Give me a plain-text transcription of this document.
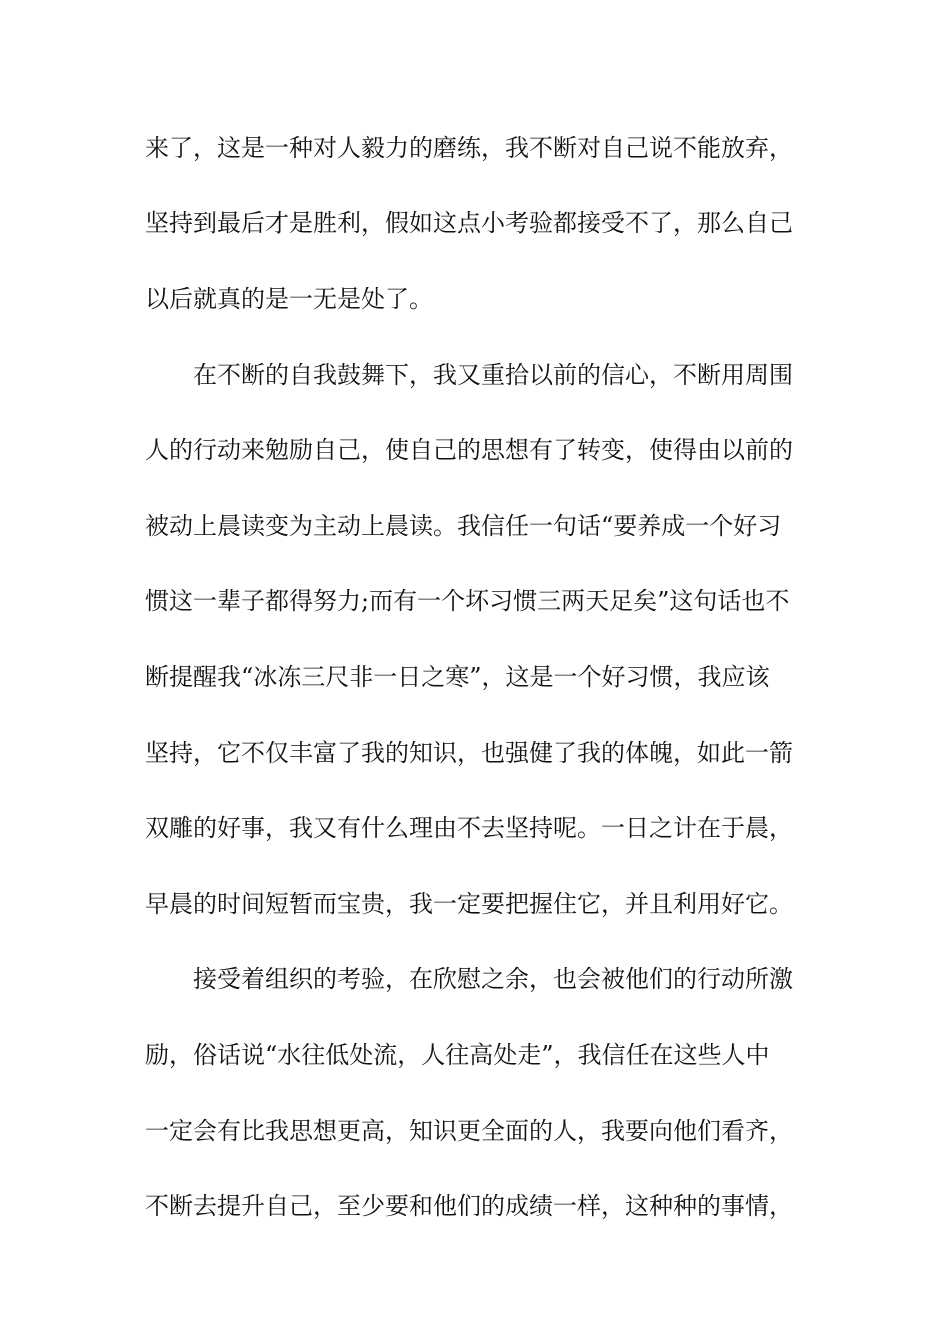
来了，这是一种对人毅力的磨练，我不断对自己说不能放弃，
坚持到最后才是胜利，假如这点小考验都接受不了，那么自己
以后就真的是一无是处了。
在不断的自我鼓舞下，我又重拾以前的信心，不断用周围
人的行动来勉励自己，使自己的思想有了转变，使得由以前的
被动上晨读变为主动上晨读。我信任一句话“要养成一个好习
惯这一辈子都得努力;而有一个坏习惯三两天足矣”这句话也不
断提醒我“冰冻三尺非一日之寒”，这是一个好习惯，我应该
坚持，它不仅丰富了我的知识，也强健了我的体魄，如此一箭
双雕的好事，我又有什么理由不去坚持呢。一日之计在于晨，
早晨的时间短暂而宝贵，我一定要把握住它，并且利用好它。
接受着组织的考验，在欣慰之余，也会被他们的行动所激
励，俗话说“水往低处流，人往高处走”，我信任在这些人中
一定会有比我思想更高，知识更全面的人，我要向他们看齐，
不断去提升自己，至少要和他们的成绩一样，这种种的事情，
